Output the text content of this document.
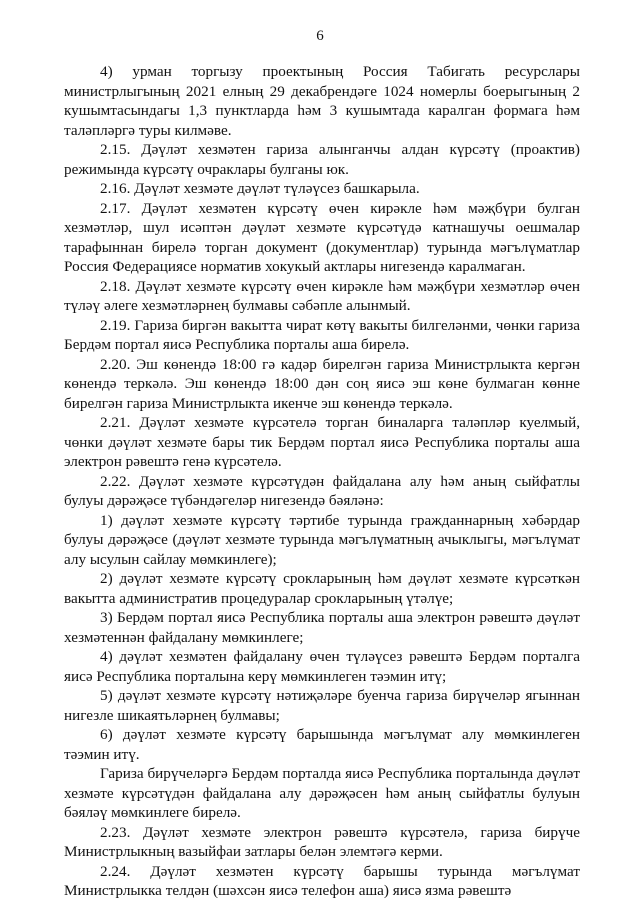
6

4) урман торгызу проектының Россия Табигать ресурслары министрлыгының 2021 елның 29 декабрендәге 1024 номерлы боерыгының 2 кушымтасындагы 1,3 пунктларда һәм 3 кушымтада каралган формага һәм таләпләргә туры килмәве.

2.15. Дәүләт хезмәтен гариза алынганчы алдан күрсәтү (проактив) режимында күрсәтү очраклары булганы юк.

2.16. Дәүләт хезмәте дәүләт түләүсез башкарыла.

2.17. Дәүләт хезмәтен күрсәтү өчен кирәкле һәм мәҗбүри булган хезмәтләр, шул исәптән дәүләт хезмәте күрсәтүдә катнашучы оешмалар тарафыннан бирелә торган документ (документлар) турында мәгълүматлар Россия Федерациясе норматив хокукый актлары нигезендә каралмаган.

2.18. Дәүләт хезмәте күрсәтү өчен кирәкле һәм мәҗбүри хезмәтләр өчен түләү әлеге хезмәтләрнең булмавы сәбәпле алынмый.

2.19. Гариза биргән вакытта чират көтү вакыты билгеләнми, чөнки гариза Бердәм портал яисә Республика порталы аша бирелә.

2.20. Эш көнендә 18:00 гә кадәр бирелгән гариза Министрлыкта кергән көнендә теркәлә. Эш көнендә 18:00 дән соң яисә эш көне булмаган көнне бирелгән гариза Министрлыкта икенче эш көнендә теркәлә.

2.21. Дәүләт хезмәте күрсәтелә торган биналарга таләпләр куелмый, чөнки дәүләт хезмәте бары тик Бердәм портал яисә Республика порталы аша электрон рәвештә генә күрсәтелә.

2.22. Дәүләт хезмәте күрсәтүдән файдалана алу һәм аның сыйфатлы булуы дәрәҗәсе түбәндәгеләр нигезендә бәяләнә:

1) дәүләт хезмәте күрсәтү тәртибе турында гражданнарның хәбәрдар булуы дәрәҗәсе (дәүләт хезмәте турында мәгълүматның ачыклыгы, мәгълүмат алу ысулын сайлау мөмкинлеге);

2) дәүләт хезмәте күрсәтү срокларының һәм дәүләт хезмәте күрсәткән вакытта административ процедуралар срокларының үтәлүе;

3) Бердәм портал яисә Республика порталы аша электрон рәвештә дәүләт хезмәтеннән файдалану мөмкинлеге;

4) дәүләт хезмәтен файдалану өчен түләүсез рәвештә Бердәм порталга яисә Республика порталына керү мөмкинлеген тәэмин итү;

5) дәүләт хезмәте күрсәтү нәтиҗәләре буенча гариза бирүчеләр ягыннан нигезле шикаятьләрнең булмавы;

6) дәүләт хезмәте күрсәтү барышында мәгълүмат алу мөмкинлеген тәэмин итү.

Гариза бирүчеләргә Бердәм порталда яисә Республика порталында дәүләт хезмәте күрсәтүдән файдалана алу дәрәҗәсен һәм аның сыйфатлы булуын бәяләү мөмкинлеге бирелә.

2.23. Дәүләт хезмәте электрон рәвештә күрсәтелә, гариза бирүче Министрлыкның вазыйфаи затлары белән элемтәгә керми.

2.24. Дәүләт хезмәтен күрсәтү барышы турында мәгълүмат Министрлыкка телдән (шәхсән яисә телефон аша) яисә язма рәвештә
